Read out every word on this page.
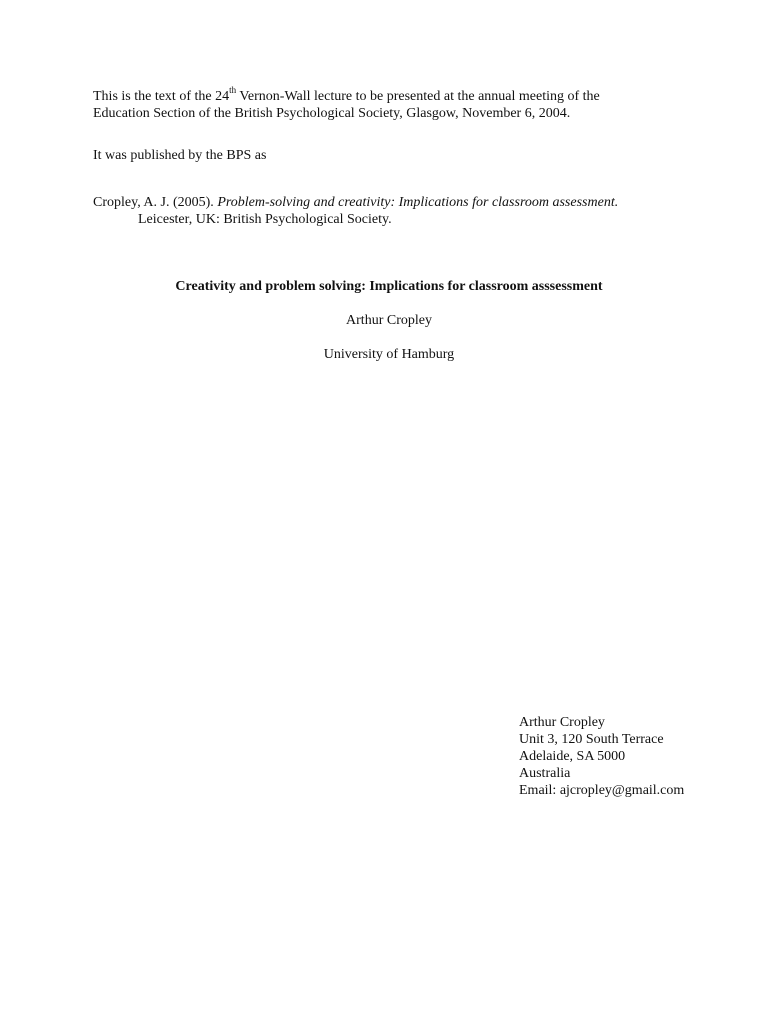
This is the text of the 24th Vernon-Wall lecture to be presented at the annual meeting of the
Education Section of the British Psychological Society, Glasgow, November 6, 2004.
It was published by the BPS as
Cropley, A. J. (2005). Problem-solving and creativity: Implications for classroom assessment.
Leicester, UK: British Psychological Society.
Creativity and problem solving: Implications for classroom asssessment
Arthur Cropley
University of Hamburg
Arthur Cropley
Unit 3, 120 South Terrace
Adelaide, SA 5000
Australia
Email: ajcropley@gmail.com
